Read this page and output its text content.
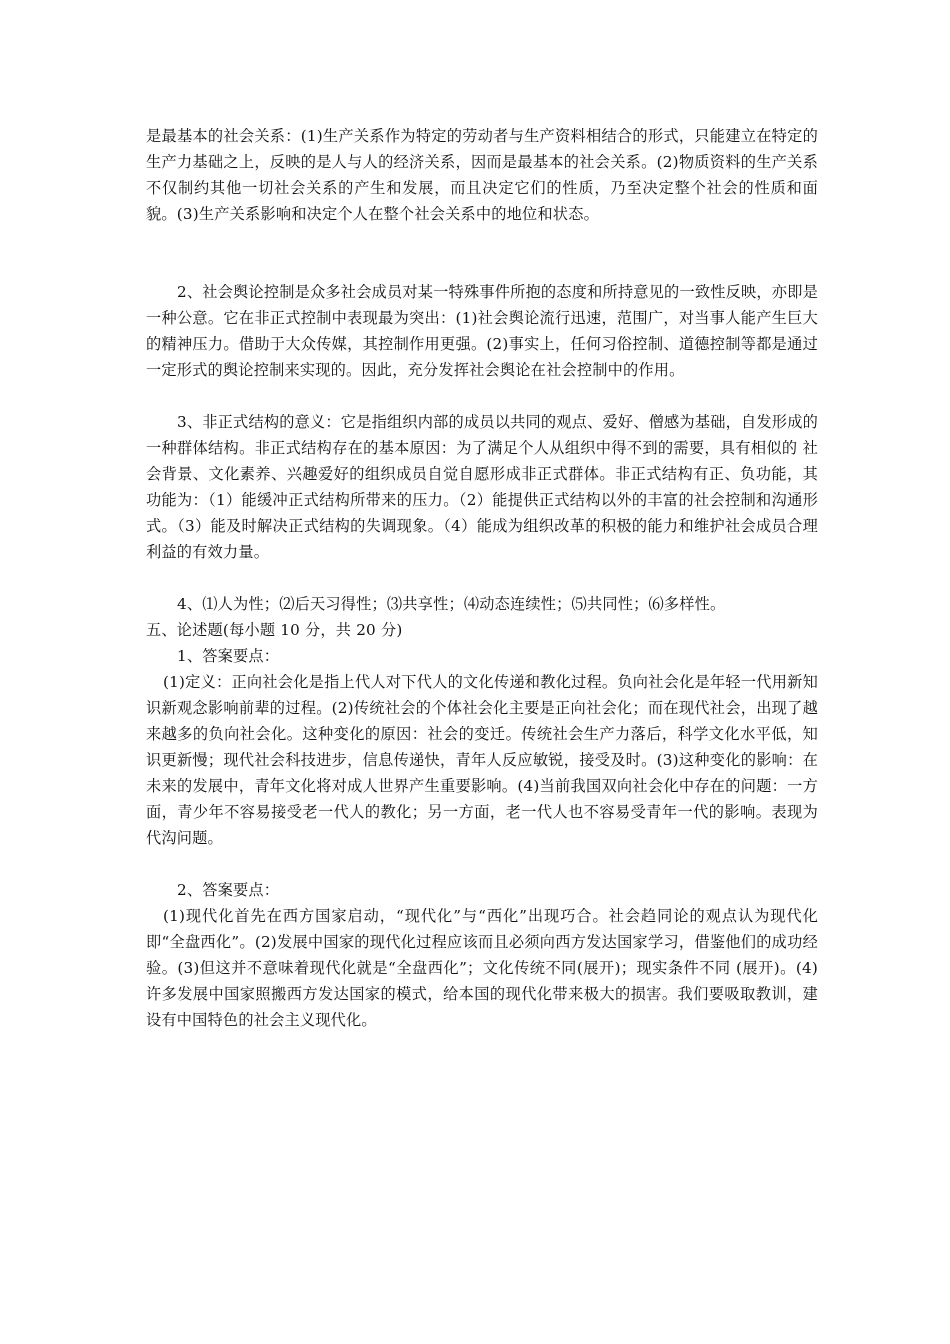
是最基本的社会关系：(1)生产关系作为特定的劳动者与生产资料相结合的形式，只能建立在特定的生产力基础之上，反映的是人与人的经济关系，因而是最基本的社会关系。(2)物质资料的生产关系不仅制约其他一切社会关系的产生和发展，而且决定它们的性质，乃至决定整个社会的性质和面貌。(3)生产关系影响和决定个人在整个社会关系中的地位和状态。

2、社会舆论控制是众多社会成员对某一特殊事件所抱的态度和所持意见的一致性反映，亦即是一种公意。它在非正式控制中表现最为突出：(1)社会舆论流行迅速，范围广，对当事人能产生巨大的精神压力。借助于大众传媒，其控制作用更强。(2)事实上，任何习俗控制、道德控制等都是通过一定形式的舆论控制来实现的。因此，充分发挥社会舆论在社会控制中的作用。

3、非正式结构的意义：它是指组织内部的成员以共同的观点、爱好、僧感为基础，自发形成的一种群体结构。非正式结构存在的基本原因：为了满足个人从组织中得不到的需要，具有相似的 社会背景、文化素养、兴趣爱好的组织成员自觉自愿形成非正式群体。非正式结构有正、负功能，其功能为：（1）能缓冲正式结构所带来的压力。（2）能提供正式结构以外的丰富的社会控制和沟通形式。（3）能及时解决正式结构的失调现象。（4）能成为组织改革的积极的能力和维护社会成员合理利益的有效力量。

4、⑴人为性；⑵后天习得性；⑶共享性；⑷动态连续性；⑸共同性；⑹多样性。

五、论述题(每小题 10 分，共 20 分)

1、答案要点：

(1)定义：正向社会化是指上代人对下代人的文化传递和教化过程。负向社会化是年轻一代用新知识新观念影响前辈的过程。(2)传统社会的个体社会化主要是正向社会化；而在现代社会，出现了越来越多的负向社会化。这种变化的原因：社会的变迁。传统社会生产力落后，科学文化水平低，知识更新慢；现代社会科技进步，信息传递快，青年人反应敏锐，接受及时。(3)这种变化的影响：在未来的发展中，青年文化将对成人世界产生重要影响。(4)当前我国双向社会化中存在的问题：一方面，青少年不容易接受老一代人的教化；另一方面，老一代人也不容易受青年一代的影响。表现为代沟问题。

2、答案要点：

(1)现代化首先在西方国家启动，“现代化”与“西化”出现巧合。社会趋同论的观点认为现代化即“全盘西化”。(2)发展中国家的现代化过程应该而且必须向西方发达国家学习，借鉴他们的成功经验。(3)但这并不意味着现代化就是“全盘西化”；文化传统不同(展开)；现实条件不同 (展开)。(4)许多发展中国家照搬西方发达国家的模式，给本国的现代化带来极大的损害。我们要吸取教训，建设有中国特色的社会主义现代化。
